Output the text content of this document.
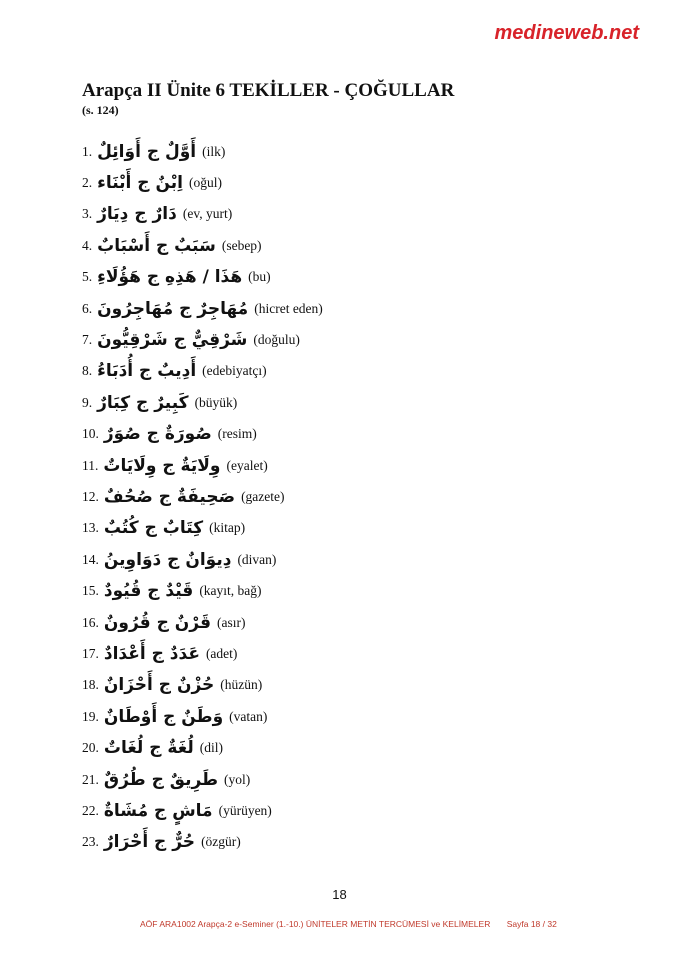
medineweb.net
Arapça II Ünite 6 TEKİLLER - ÇOĞULLAR
(s. 124)
1. أَوَّلٌ ج أَوَائِلٌ (ilk)
2. اِبْنٌ ج أَبْنَاء (oğul)
3. دَارٌ ج دِيَارٌ (ev, yurt)
4. سَبَبٌ ج أَسْبَابٌ (sebep)
5. هَذَا / هَذِهِ ج هَؤُلَاءِ (bu)
6. مُهَاجِرٌ ج مُهَاجِرُونَ (hicret eden)
7. شَرْقِيٌّ ج شَرْقِيُّونَ (doğulu)
8. أَدِيبٌ ج أُدَبَاءُ (edebiyatçı)
9. كَبِيرٌ ج كِبَارٌ (büyük)
10. صُورَةٌ ج صُوَرٌ (resim)
11. وِلَايَةٌ ج وِلَايَاتٌ (eyalet)
12. صَحِيفَةٌ ج صُحُفٌ (gazete)
13. كِتَابٌ ج كُتُبٌ (kitap)
14. دِيوَانٌ ج دَوَاوِينُ (divan)
15. قَيْدٌ ج قُيُودٌ (kayıt, bağ)
16. قَرْنٌ ج قُرُونٌ (asır)
17. عَدَدٌ ج أَعْدَادٌ (adet)
18. حُزْنٌ ج أَحْزَانٌ (hüzün)
19. وَطَنٌ ج أَوْطَانٌ (vatan)
20. لُغَةٌ ج لُغَاتٌ (dil)
21. طَرِيقٌ ج طُرُقٌ (yol)
22. مَاشٍ ج مُشَاةٌ (yürüyen)
23. حُرٌّ ج أَحْرَارٌ (özgür)
18
AÖF ARA1002 Arapça-2 e-Seminer (1.-10.) ÜNİTELER METİN TERCÜMESİ ve KELİMELER Sayfa 18 / 32
